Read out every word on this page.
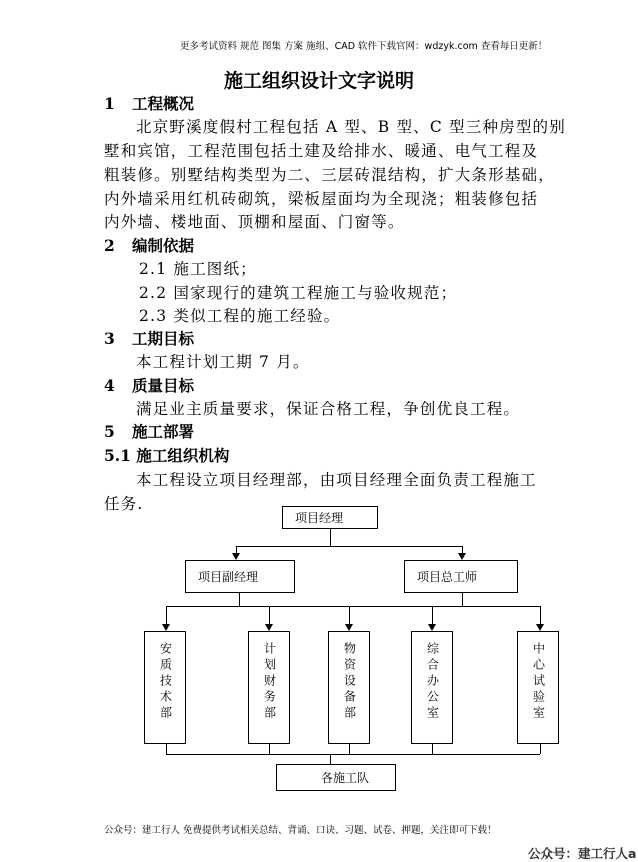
更多考试资料 规范 图集 方案 施组、CAD 软件下载官网：wdzyk.com 查看每日更新！
施工组织设计文字说明
1 工程概况
北京野溪度假村工程包括 A 型、B 型、C 型三种房型的别
墅和宾馆，工程范围包括土建及给排水、暖通、电气工程及
粗装修。别墅结构类型为二、三层砖混结构，扩大条形基础，
内外墙采用红机砖砌筑，梁板屋面均为全现浇；粗装修包括
内外墙、楼地面、顶棚和屋面、门窗等。
2 编制依据
2.1 施工图纸；
2.2 国家现行的建筑工程施工与验收规范；
2.3 类似工程的施工经验。
3 工期目标
本工程计划工期 7 月。
4 质量目标
满足业主质量要求，保证合格工程，争创优良工程。
5 施工部署
5.1 施工组织机构
本工程设立项目经理部，由项目经理全面负责工程施工
任务.
项目经理
项目副经理	项目总工师
安质技术部	计划财务部	物资设备部	综合办公室	中心试验室
各施工队
公众号：建工行人 免费提供考试相关总结、背诵、口诀、习题、试卷、押题，关注即可下载！
公众号：建工行人a
